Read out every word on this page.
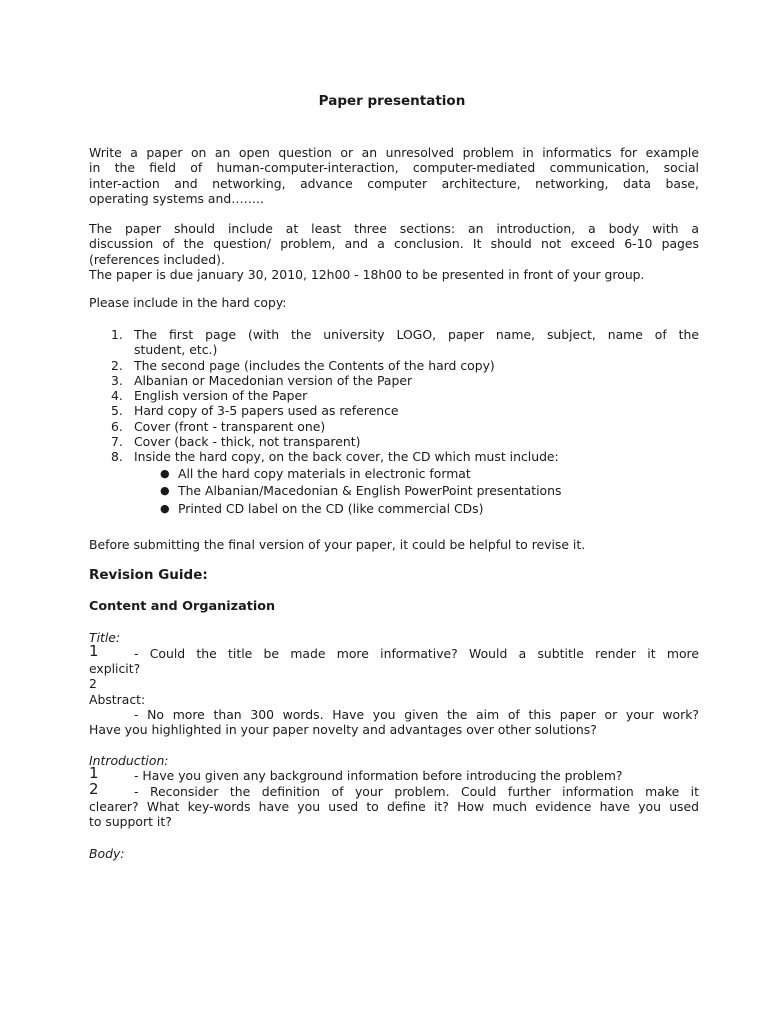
Paper presentation
Write a paper on an open question or an unresolved problem in informatics for example
in the field of human-computer-interaction, computer-mediated communication, social
inter-action and networking, advance computer architecture, networking, data base,
operating systems and……..
The paper should include at least three sections: an introduction, a body with a
discussion of the question/ problem, and a conclusion. It should not exceed 6-10 pages
(references included).
The paper is due january 30, 2010, 12h00 - 18h00 to be presented in front of your group.
Please include in the hard copy:
1. The first page (with the university LOGO, paper name, subject, name of the
student, etc.)
2. The second page (includes the Contents of the hard copy)
3. Albanian or Macedonian version of the Paper
4. English version of the Paper
5. Hard copy of 3-5 papers used as reference
6. Cover (front - transparent one)
7. Cover (back - thick, not transparent)
8. Inside the hard copy, on the back cover, the CD which must include:
● All the hard copy materials in electronic format
● The Albanian/Macedonian & English PowerPoint presentations
● Printed CD label on the CD (like commercial CDs)
Before submitting the final version of your paper, it could be helpful to revise it.
Revision Guide:
Content and Organization
Title:
1	- Could the title be made more informative? Would a subtitle render it more
explicit?
2
Abstract:
- No more than 300 words. Have you given the aim of this paper or your work?
Have you highlighted in your paper novelty and advantages over other solutions?
Introduction:
1	- Have you given any background information before introducing the problem?
2	- Reconsider the definition of your problem. Could further information make it
clearer? What key-words have you used to define it? How much evidence have you used
to support it?
Body:
